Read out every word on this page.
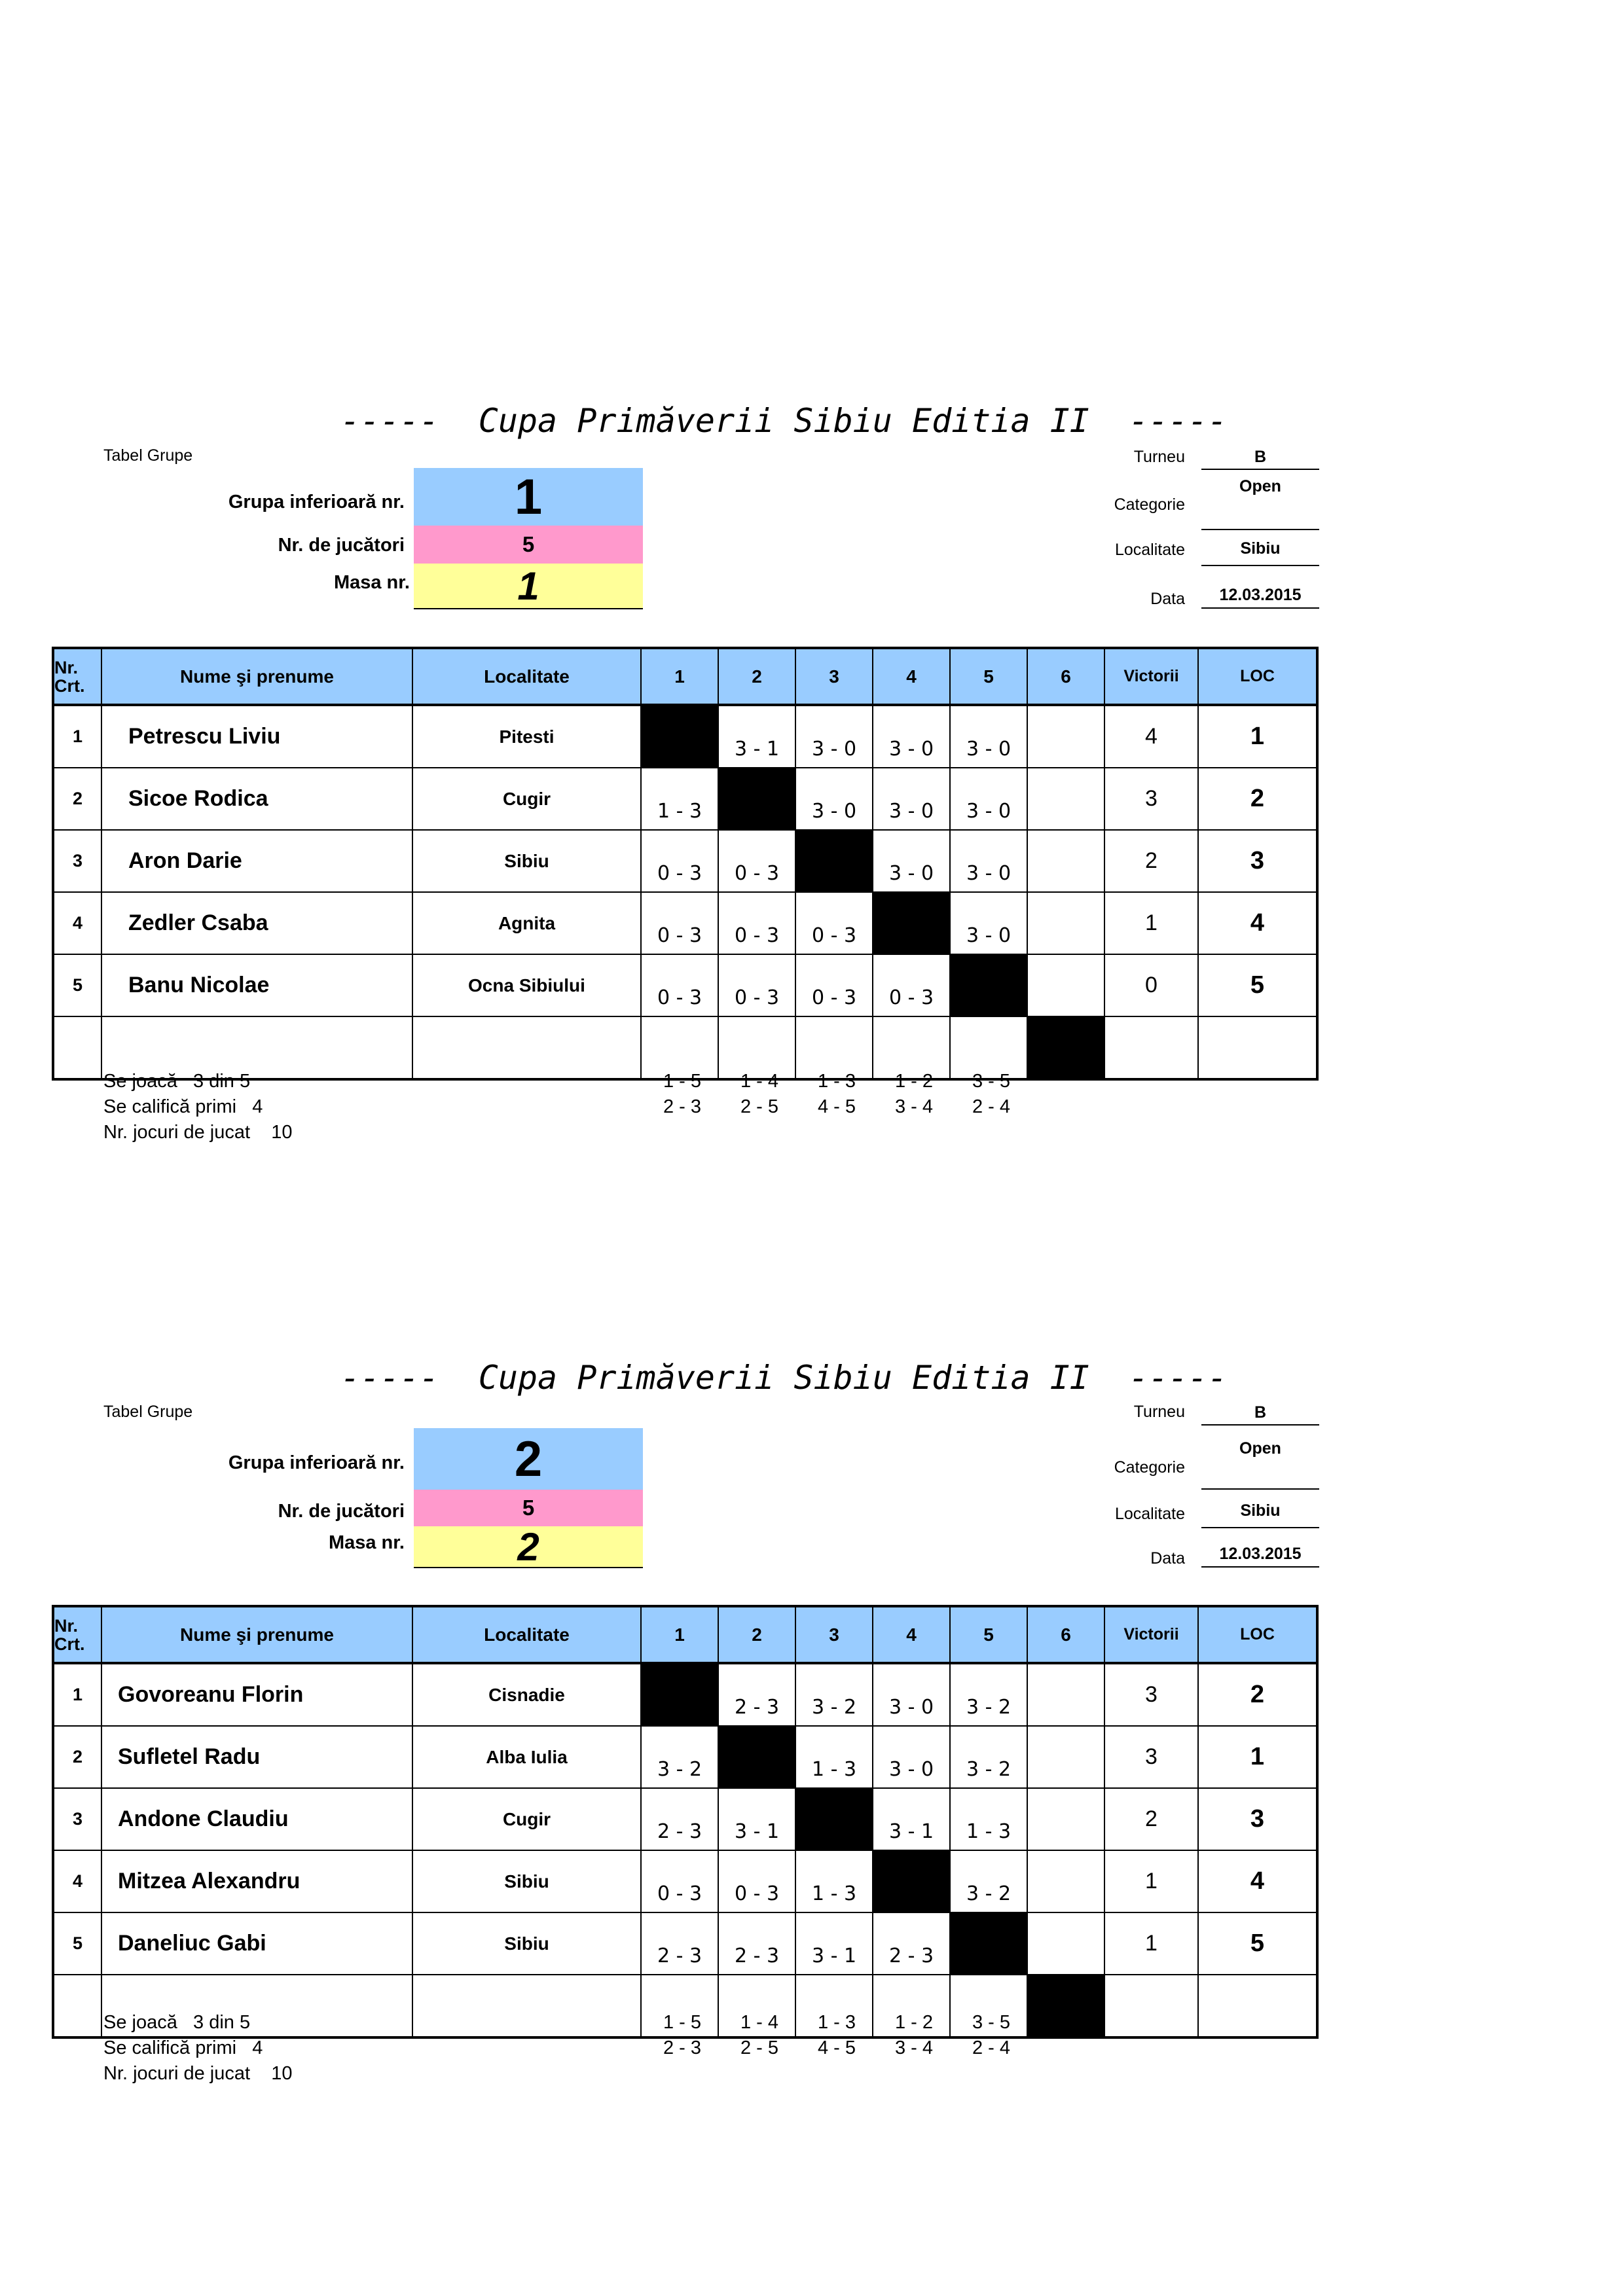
-----  Cupa Primăverii Sibiu Editia II  -----
Tabel Grupe
Grupa inferioară nr.	1
Nr. de jucători	5
Masa nr.	1
Turneu	B
Categorie
Open
Localitate	Sibiu
Data	12.03.2015
Nr. Crt.	Nume şi prenume	Localitate	1	2	3	4	5	6	Victorii	LOC
1	Petrescu Liviu	Pitesti		3 - 1	3 - 0	3 - 0	3 - 0		4	1
2	Sicoe Rodica	Cugir	1 - 3		3 - 0	3 - 0	3 - 0		3	2
3	Aron Darie	Sibiu	0 - 3	0 - 3		3 - 0	3 - 0		2	3
4	Zedler Csaba	Agnita	0 - 3	0 - 3	0 - 3		3 - 0		1	4
5	Banu Nicolae	Ocna Sibiului	0 - 3	0 - 3	0 - 3	0 - 3			0	5

Se joacă 3 din 5
Se califică primi 4
Nr. jocuri de jucat 10
1 - 5	1 - 4	1 - 3	1 - 2	3 - 5
2 - 3	2 - 5	4 - 5	3 - 4	2 - 4
-----  Cupa Primăverii Sibiu Editia II  -----
Tabel Grupe
Grupa inferioară nr.	2
Nr. de jucători	5
Masa nr.	2
Turneu	B
Categorie
Open
Localitate	Sibiu
Data	12.03.2015
Nr. Crt.	Nume şi prenume	Localitate	1	2	3	4	5	6	Victorii	LOC
1	Govoreanu Florin	Cisnadie		2 - 3	3 - 2	3 - 0	3 - 2		3	2
2	Sufletel Radu	Alba Iulia	3 - 2		1 - 3	3 - 0	3 - 2		3	1
3	Andone Claudiu	Cugir	2 - 3	3 - 1		3 - 1	1 - 3		2	3
4	Mitzea Alexandru	Sibiu	0 - 3	0 - 3	1 - 3		3 - 2		1	4
5	Daneliuc Gabi	Sibiu	2 - 3	2 - 3	3 - 1	2 - 3			1	5

Se joacă 3 din 5
Se califică primi 4
Nr. jocuri de jucat 10
1 - 5	1 - 4	1 - 3	1 - 2	3 - 5
2 - 3	2 - 5	4 - 5	3 - 4	2 - 4
